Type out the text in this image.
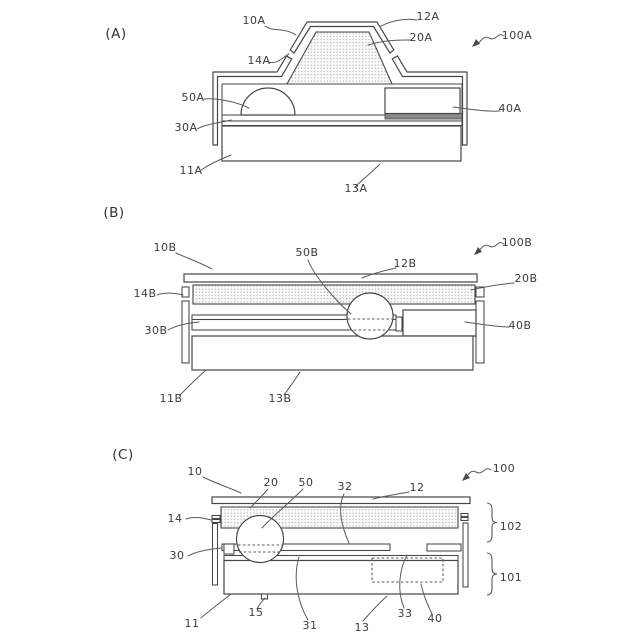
(A)
10A	12A
20A
14A
100A
50A
40A
30A
11A
13A
(B)
10B	50B
12B
100B
20B
14B
30B	40B
11B	13B
(C)
10
20 50 32	12
100
14
102
30
101
11
15
31	13
33 40
